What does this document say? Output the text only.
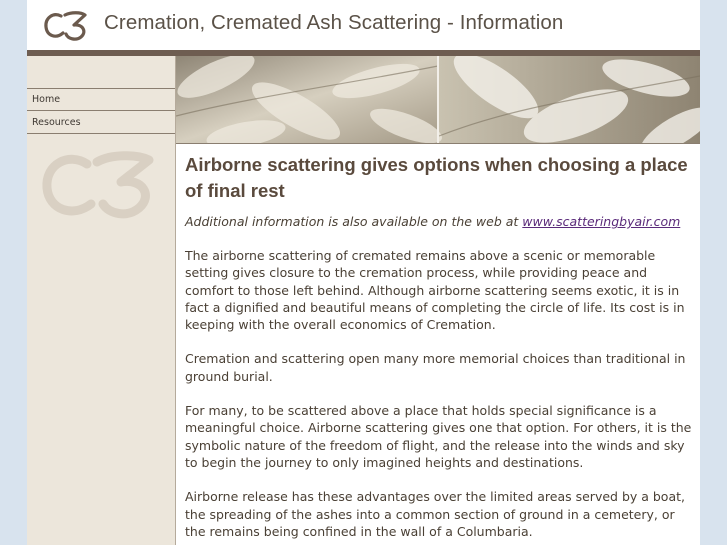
Cremation, Cremated Ash Scattering - Information
Home
Resources
Airborne scattering gives options when choosing a place of final rest

Additional information is also available on the web at www.scatteringbyair.com

The airborne scattering of cremated remains above a scenic or memorable setting gives closure to the cremation process, while providing peace and comfort to those left behind. Although airborne scattering seems exotic, it is in fact a dignified and beautiful means of completing the circle of life. Its cost is in keeping with the overall economics of Cremation.

Cremation and scattering open many more memorial choices than traditional in ground burial.

For many, to be scattered above a place that holds special significance is a meaningful choice. Airborne scattering gives one that option. For others, it is the symbolic nature of the freedom of flight, and the release into the winds and sky to begin the journey to only imagined heights and destinations.

Airborne release has these advantages over the limited areas served by a boat, the spreading of the ashes into a common section of ground in a cemetery, or the remains being confined in the wall of a Columbaria.
